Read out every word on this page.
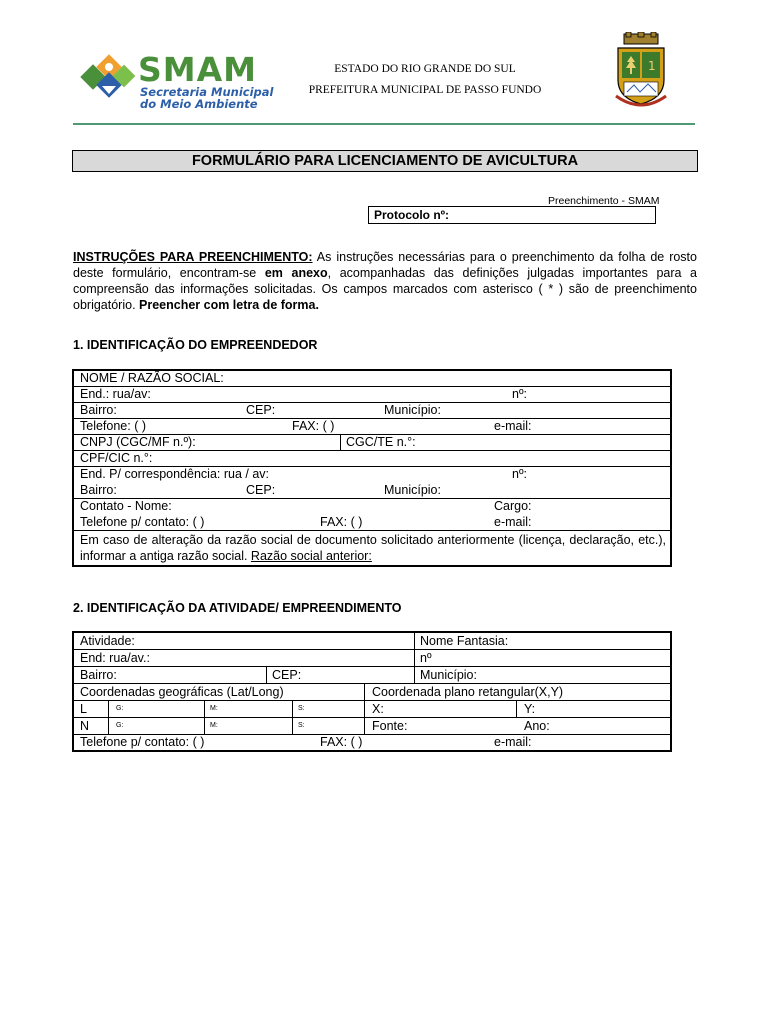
SMAM
Secretaria Municipal
do Meio Ambiente
ESTADO DO RIO GRANDE DO SUL
PREFEITURA MUNICIPAL DE PASSO FUNDO
1
FORMULÁRIO PARA LICENCIAMENTO DE AVICULTURA
Preenchimento - SMAM
Protocolo nº:
INSTRUÇÕES PARA PREENCHIMENTO: As instruções necessárias para o preenchimento da folha de rosto deste formulário, encontram-se em anexo, acompanhadas das definições julgadas importantes para a compreensão das informações solicitadas. Os campos marcados com asterisco ( * ) são de preenchimento obrigatório. Preencher com letra de forma.
1. IDENTIFICAÇÃO DO EMPREENDEDOR
NOME / RAZÃO SOCIAL:
End.: rua/av:	nº:
Bairro:	CEP:	Município:
Telefone: ( )	FAX: ( )	e-mail:
CNPJ (CGC/MF n.º):	CGC/TE n.°:
CPF/CIC n.°:
End. P/ correspondência: rua / av:	nº:
Bairro:	CEP:	Município:
Contato - Nome:	Cargo:
Telefone p/ contato: ( )	FAX: ( )	e-mail:
Em caso de alteração da razão social de documento solicitado anteriormente (licença, declaração, etc.), informar a antiga razão social. Razão social anterior:
2. IDENTIFICAÇÃO DA ATIVIDADE/ EMPREENDIMENTO
Atividade:	Nome Fantasia:
End: rua/av.:	nº
Bairro:	CEP:	Município:
Coordenadas geográficas (Lat/Long)	Coordenada plano retangular(X,Y)
L	G:	M:	S:	X:	Y:
N	G:	M:	S:	Fonte:	Ano:
Telefone p/ contato: ( )	FAX: ( )	e-mail:
